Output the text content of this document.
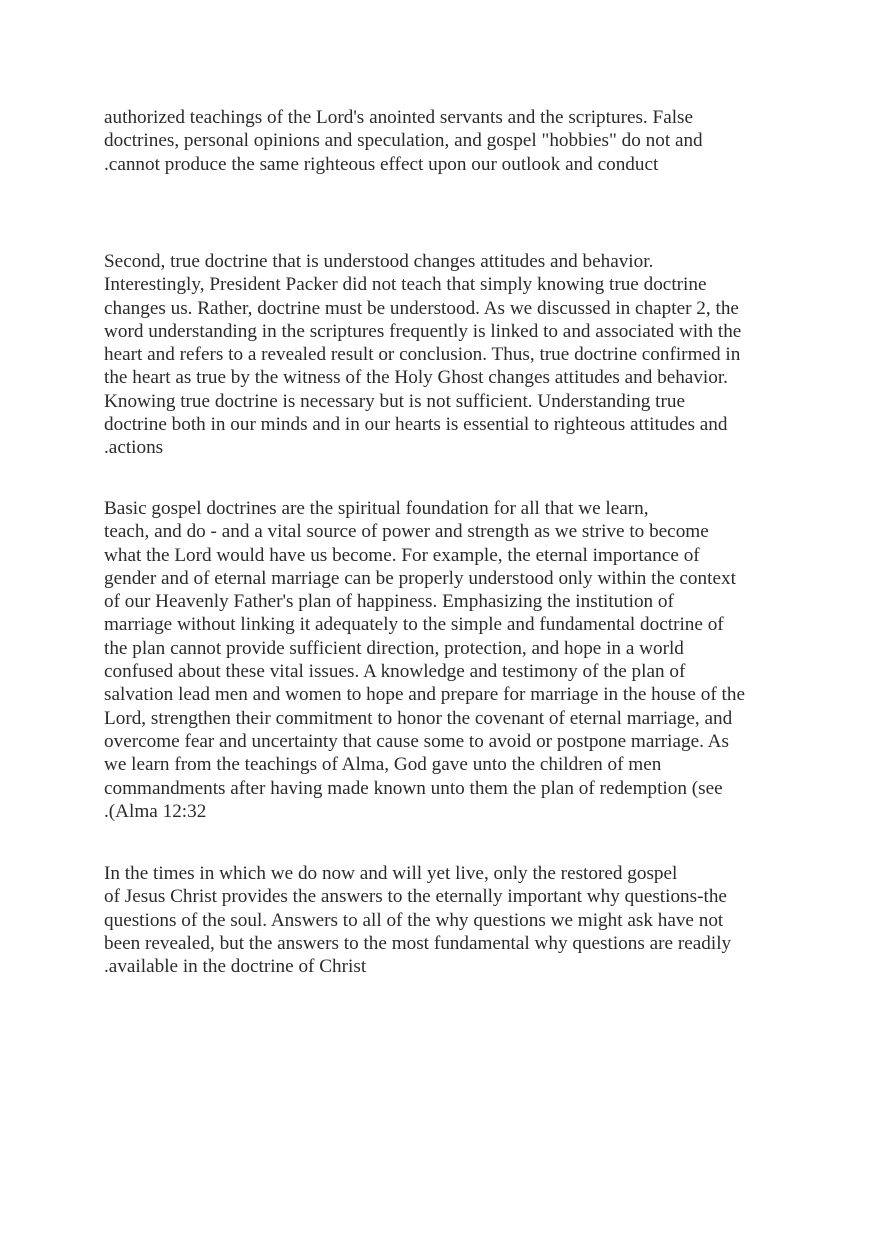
authorized teachings of the Lord's anointed servants and the scriptures. False
doctrines, personal opinions and speculation, and gospel "hobbies" do not and
.cannot produce the same righteous effect upon our outlook and conduct

Second, true doctrine that is understood changes attitudes and behavior.
Interestingly, President Packer did not teach that simply knowing true doctrine
changes us. Rather, doctrine must be understood. As we discussed in chapter 2, the
word understanding in the scriptures frequently is linked to and associated with the
heart and refers to a revealed result or conclusion. Thus, true doctrine confirmed in
the heart as true by the witness of the Holy Ghost changes attitudes and behavior.
Knowing true doctrine is necessary but is not sufficient. Understanding true
doctrine both in our minds and in our hearts is essential to righteous attitudes and
.actions

Basic gospel doctrines are the spiritual foundation for all that we learn,
teach, and do - and a vital source of power and strength as we strive to become
what the Lord would have us become. For example, the eternal importance of
gender and of eternal marriage can be properly understood only within the context
of our Heavenly Father's plan of happiness. Emphasizing the institution of
marriage without linking it adequately to the simple and fundamental doctrine of
the plan cannot provide sufficient direction, protection, and hope in a world
confused about these vital issues. A knowledge and testimony of the plan of
salvation lead men and women to hope and prepare for marriage in the house of the
Lord, strengthen their commitment to honor the covenant of eternal marriage, and
overcome fear and uncertainty that cause some to avoid or postpone marriage. As
we learn from the teachings of Alma, God gave unto the children of men
commandments after having made known unto them the plan of redemption (see
.(Alma 12:32

In the times in which we do now and will yet live, only the restored gospel
of Jesus Christ provides the answers to the eternally important why questions-the
questions of the soul. Answers to all of the why questions we might ask have not
been revealed, but the answers to the most fundamental why questions are readily
.available in the doctrine of Christ
